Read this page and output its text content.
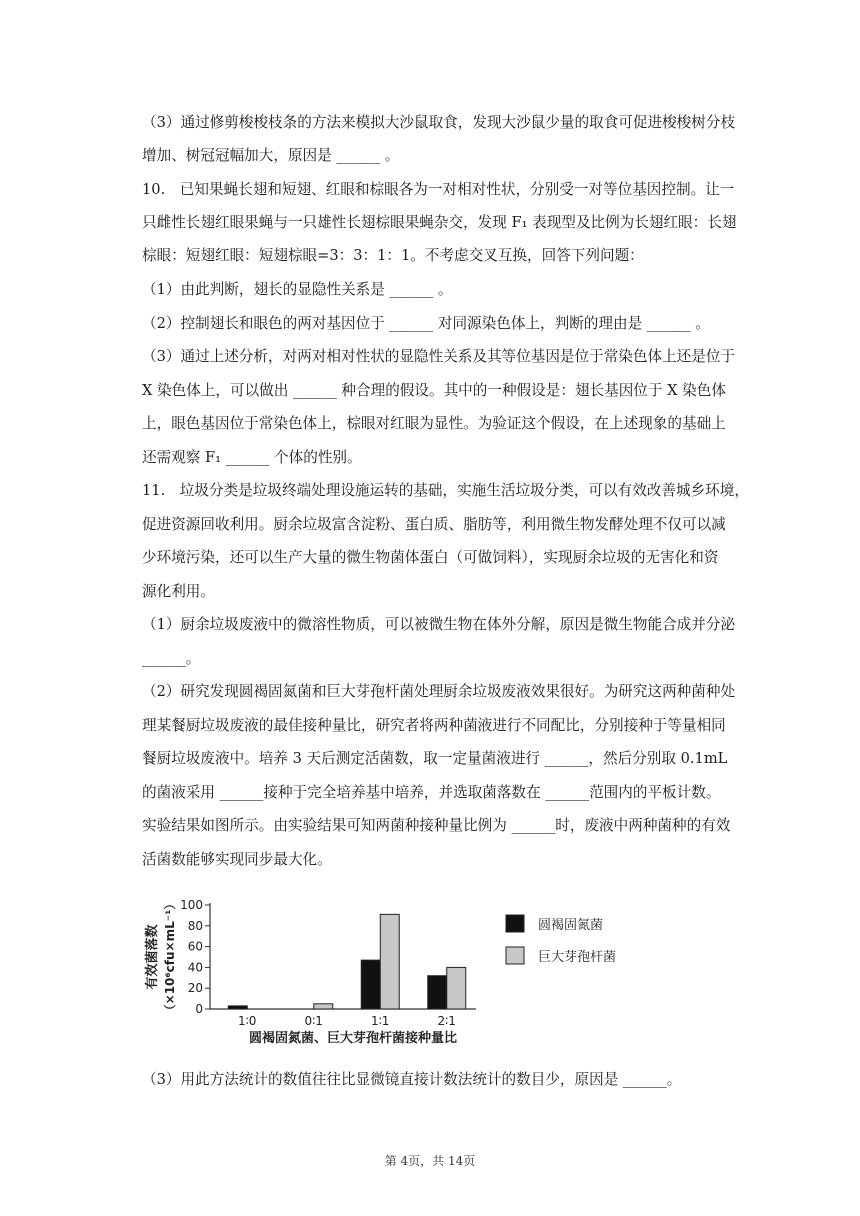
（3）通过修剪梭梭枝条的方法来模拟大沙鼠取食，发现大沙鼠少量的取食可促进梭梭树分枝
增加、树冠冠幅加大，原因是 ______ 。
10.　已知果蝇长翅和短翅、红眼和棕眼各为一对相对性状，分别受一对等位基因控制。让一
只雌性长翅红眼果蝇与一只雄性长翅棕眼果蝇杂交，发现 F₁ 表现型及比例为长翅红眼：长翅
棕眼：短翅红眼：短翅棕眼=3：3：1：1。不考虑交叉互换，回答下列问题：
（1）由此判断，翅长的显隐性关系是 ______ 。
（2）控制翅长和眼色的两对基因位于 ______ 对同源染色体上，判断的理由是 ______ 。
（3）通过上述分析，对两对相对性状的显隐性关系及其等位基因是位于常染色体上还是位于
X 染色体上，可以做出 ______ 种合理的假设。其中的一种假设是：翅长基因位于 X 染色体
上，眼色基因位于常染色体上，棕眼对红眼为显性。为验证这个假设，在上述现象的基础上
还需观察 F₁ ______ 个体的性别。
11.　垃圾分类是垃圾终端处理设施运转的基础，实施生活垃圾分类，可以有效改善城乡环境，
促进资源回收利用。厨余垃圾富含淀粉、蛋白质、脂肪等，利用微生物发酵处理不仅可以减
少环境污染，还可以生产大量的微生物菌体蛋白（可做饲料），实现厨余垃圾的无害化和资
源化利用。
（1）厨余垃圾废液中的微溶性物质，可以被微生物在体外分解，原因是微生物能合成并分泌
______。
（2）研究发现圆褐固氮菌和巨大芽孢杆菌处理厨余垃圾废液效果很好。为研究这两种菌种处
理某餐厨垃圾废液的最佳接种量比，研究者将两种菌液进行不同配比，分别接种于等量相同
餐厨垃圾废液中。培养 3 天后测定活菌数，取一定量菌液进行 ______，然后分别取 0.1mL
的菌液采用 ______接种于完全培养基中培养，并选取菌落数在 ______范围内的平板计数。
实验结果如图所示。由实验结果可知两菌种接种量比例为 ______时，废液中两种菌种的有效
活菌数能够实现同步最大化。
0
20
40
60
80
100
有效菌落数 （×10⁶cfu×mL⁻¹）
1∶0	0∶1	1∶1	2∶1
圆褐固氮菌、巨大芽孢杆菌接种量比
圆褐固氮菌
巨大芽孢杆菌
（3）用此方法统计的数值往往比显微镜直接计数法统计的数目少，原因是 ______。
第 4页，共 14页
